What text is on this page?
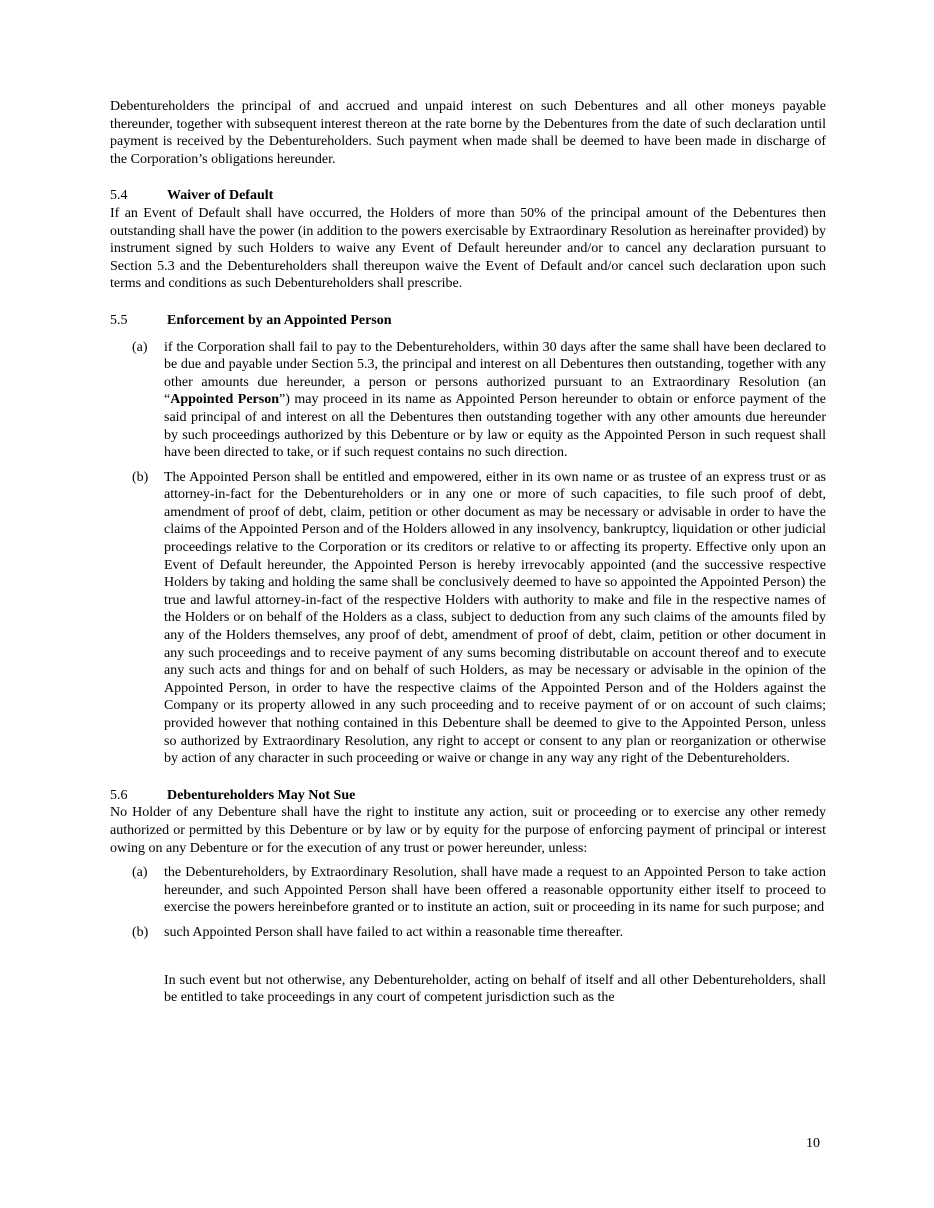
Debentureholders the principal of and accrued and unpaid interest on such Debentures and all other moneys payable thereunder, together with subsequent interest thereon at the rate borne by the Debentures from the date of such declaration until payment is received by the Debentureholders. Such payment when made shall be deemed to have been made in discharge of the Corporation’s obligations hereunder.

5.4	Waiver of Default

If an Event of Default shall have occurred, the Holders of more than 50% of the principal amount of the Debentures then outstanding shall have the power (in addition to the powers exercisable by Extraordinary Resolution as hereinafter provided) by instrument signed by such Holders to waive any Event of Default hereunder and/or to cancel any declaration pursuant to Section 5.3 and the Debentureholders shall thereupon waive the Event of Default and/or cancel such declaration upon such terms and conditions as such Debentureholders shall prescribe.

5.5	Enforcement by an Appointed Person
(a)	if the Corporation shall fail to pay to the Debentureholders, within 30 days after the same shall have been declared to be due and payable under Section 5.3, the principal and interest on all Debentures then outstanding, together with any other amounts due hereunder, a person or persons authorized pursuant to an Extraordinary Resolution (an “Appointed Person”) may proceed in its name as Appointed Person hereunder to obtain or enforce payment of the said principal of and interest on all the Debentures then outstanding together with any other amounts due hereunder by such proceedings authorized by this Debenture or by law or equity as the Appointed Person in such request shall have been directed to take, or if such request contains no such direction.
(b)	The Appointed Person shall be entitled and empowered, either in its own name or as trustee of an express trust or as attorney-in-fact for the Debentureholders or in any one or more of such capacities, to file such proof of debt, amendment of proof of debt, claim, petition or other document as may be necessary or advisable in order to have the claims of the Appointed Person and of the Holders allowed in any insolvency, bankruptcy, liquidation or other judicial proceedings relative to the Corporation or its creditors or relative to or affecting its property. Effective only upon an Event of Default hereunder, the Appointed Person is hereby irrevocably appointed (and the successive respective Holders by taking and holding the same shall be conclusively deemed to have so appointed the Appointed Person) the true and lawful attorney-in-fact of the respective Holders with authority to make and file in the respective names of the Holders or on behalf of the Holders as a class, subject to deduction from any such claims of the amounts filed by any of the Holders themselves, any proof of debt, amendment of proof of debt, claim, petition or other document in any such proceedings and to receive payment of any sums becoming distributable on account thereof and to execute any such acts and things for and on behalf of such Holders, as may be necessary or advisable in the opinion of the Appointed Person, in order to have the respective claims of the Appointed Person and of the Holders against the Company or its property allowed in any such proceeding and to receive payment of or on account of such claims; provided however that nothing contained in this Debenture shall be deemed to give to the Appointed Person, unless so authorized by Extraordinary Resolution, any right to accept or consent to any plan or reorganization or otherwise by action of any character in such proceeding or waive or change in any way any right of the Debentureholders.
5.6	Debentureholders May Not Sue

No Holder of any Debenture shall have the right to institute any action, suit or proceeding or to exercise any other remedy authorized or permitted by this Debenture or by law or by equity for the purpose of enforcing payment of principal or interest owing on any Debenture or for the execution of any trust or power hereunder, unless:

(a)	the Debentureholders, by Extraordinary Resolution, shall have made a request to an Appointed Person to take action hereunder, and such Appointed Person shall have been offered a reasonable opportunity either itself to proceed to exercise the powers hereinbefore granted or to institute an action, suit or proceeding in its name for such purpose; and
(b)	such Appointed Person shall have failed to act within a reasonable time thereafter.

In such event but not otherwise, any Debentureholder, acting on behalf of itself and all other Debentureholders, shall be entitled to take proceedings in any court of competent jurisdiction such as the

10
